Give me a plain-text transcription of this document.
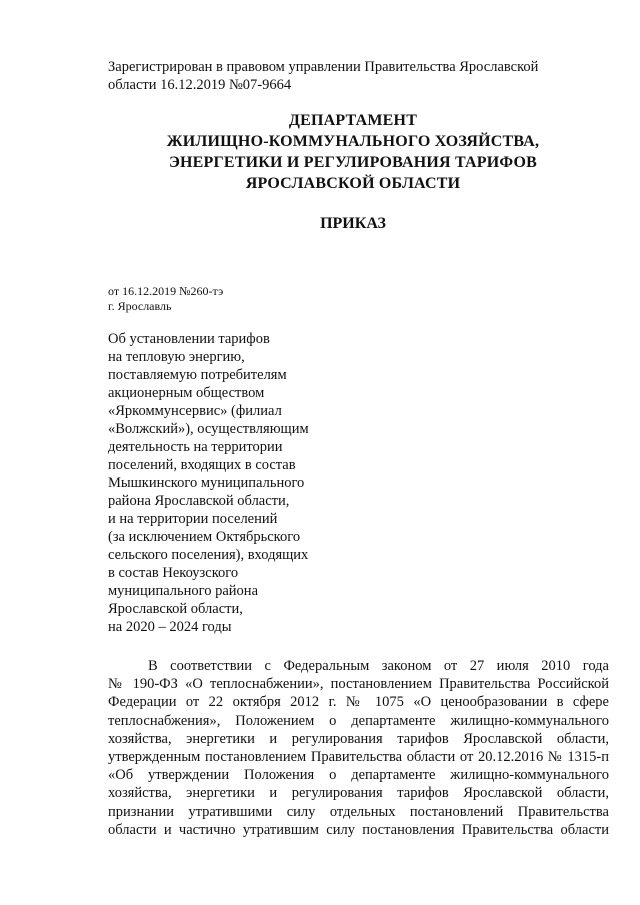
Зарегистрирован в правовом управлении Правительства Ярославской
области 16.12.2019 №07-9664
ДЕПАРТАМЕНТ
ЖИЛИЩНО-КОММУНАЛЬНОГО ХОЗЯЙСТВА,
ЭНЕРГЕТИКИ И РЕГУЛИРОВАНИЯ ТАРИФОВ
ЯРОСЛАВСКОЙ ОБЛАСТИ
ПРИКАЗ
от 16.12.2019 №260-тэ
г. Ярославль
Об установлении тарифов
на тепловую энергию,
поставляемую потребителям
акционерным обществом
«Яркоммунсервис» (филиал
«Волжский»), осуществляющим
деятельность на территории
поселений, входящих в состав
Мышкинского муниципального
района Ярославской области,
и на территории поселений
(за исключением Октябрьского
сельского поселения), входящих
в состав Некоузского
муниципального района
Ярославской области,
на 2020 – 2024 годы
В соответствии с Федеральным законом от 27 июля 2010 года
№ 190-ФЗ «О теплоснабжении», постановлением Правительства Российской
Федерации от 22 октября 2012 г. № 1075 «О ценообразовании в сфере
теплоснабжения», Положением о департаменте жилищно-коммунального
хозяйства, энергетики и регулирования тарифов Ярославской области,
утвержденным постановлением Правительства области от 20.12.2016 № 1315-п
«Об утверждении Положения о департаменте жилищно-коммунального
хозяйства, энергетики и регулирования тарифов Ярославской области,
признании утратившими силу отдельных постановлений Правительства
области и частично утратившим силу постановления Правительства области
